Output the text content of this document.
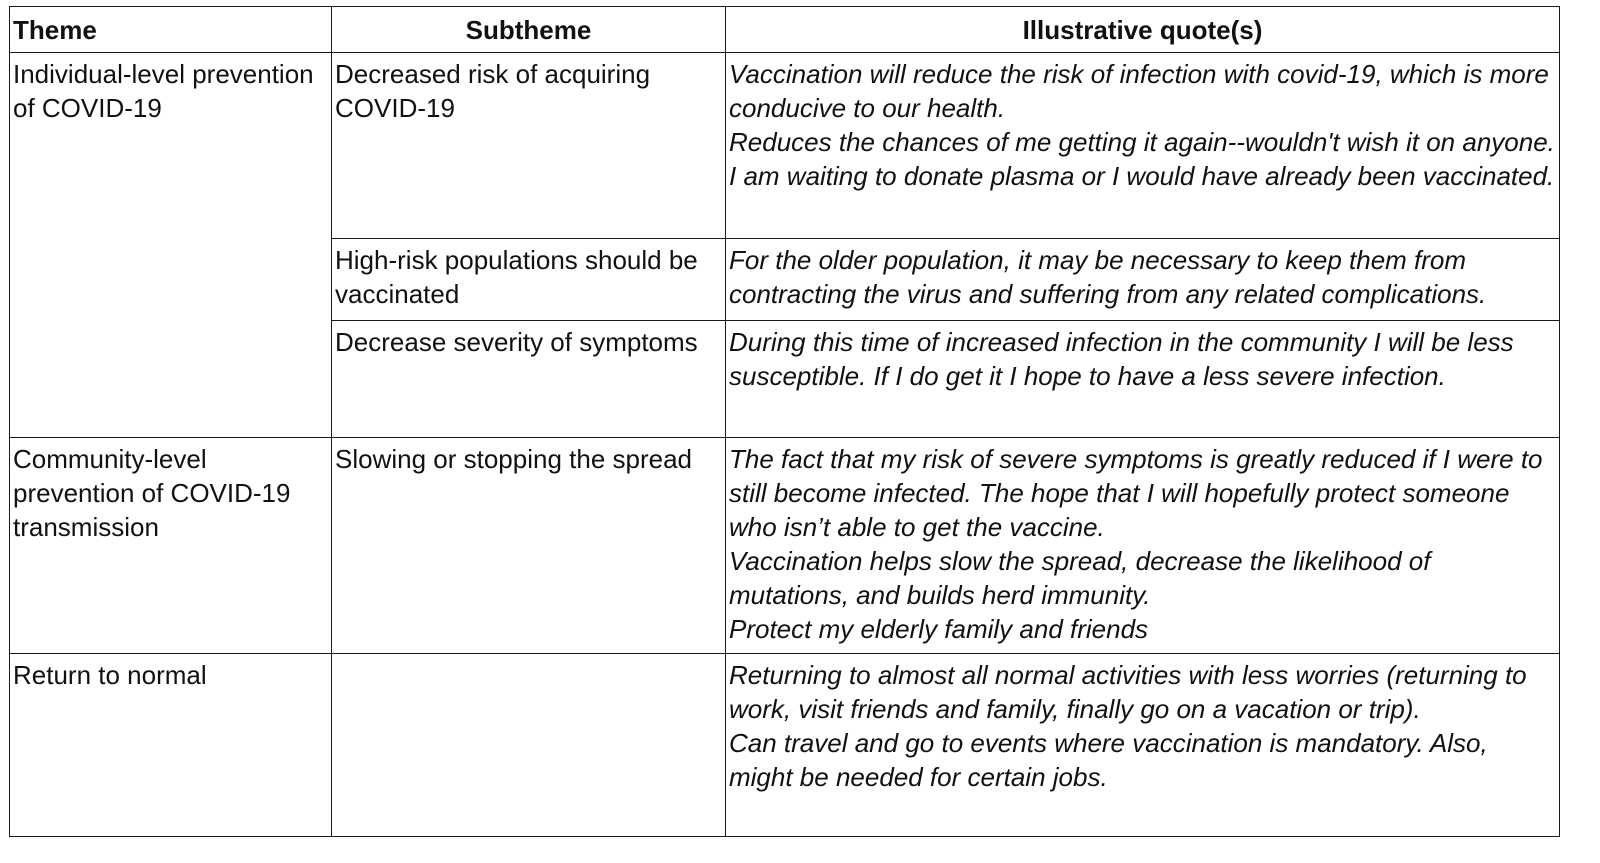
Theme	Subtheme	Illustrative quote(s)
Individual-level prevention of COVID-19	Decreased risk of acquiring COVID-19	Vaccination will reduce the risk of infection with covid-19, which is more conducive to our health.
Reduces the chances of me getting it again--wouldn't wish it on anyone. I am waiting to donate plasma or I would have already been vaccinated.

	High-risk populations should be vaccinated	For the older population, it may be necessary to keep them from contracting the virus and suffering from any related complications.

	Decrease severity of symptoms	During this time of increased infection in the community I will be less susceptible. If I do get it I hope to have a less severe infection.

Community-level prevention of COVID-19 transmission	Slowing or stopping the spread	The fact that my risk of severe symptoms is greatly reduced if I were to still become infected. The hope that I will hopefully protect someone who isn’t able to get the vaccine.
Vaccination helps slow the spread, decrease the likelihood of mutations, and builds herd immunity.
Protect my elderly family and friends

Return to normal		Returning to almost all normal activities with less worries (returning to work, visit friends and family, finally go on a vacation or trip).
Can travel and go to events where vaccination is mandatory. Also, might be needed for certain jobs.
